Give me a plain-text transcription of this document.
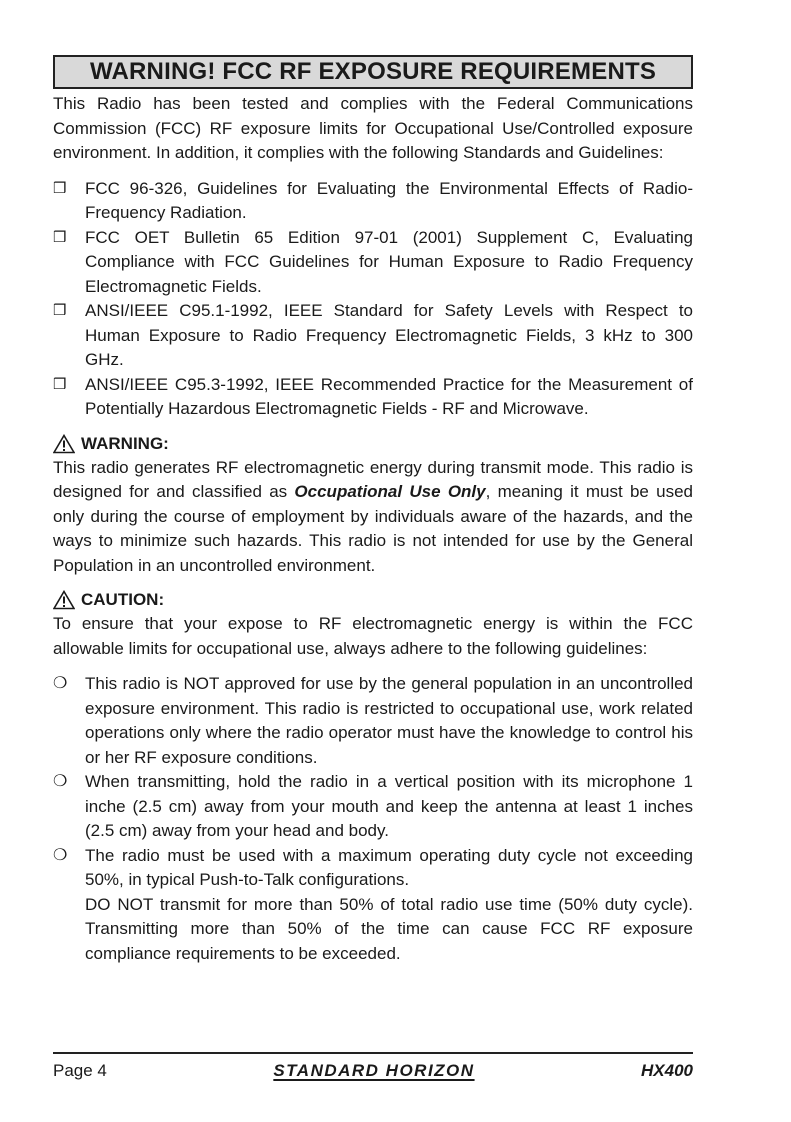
WARNING! FCC RF EXPOSURE REQUIREMENTS

This Radio has been tested and complies with the Federal Communications Commission (FCC) RF exposure limits for Occupational Use/Controlled exposure environment. In addition, it complies with the following Standards and Guidelines:

❒	FCC 96-326, Guidelines for Evaluating the Environmental Effects of Radio-Frequency Radiation.
❒	FCC OET Bulletin 65 Edition 97-01 (2001) Supplement C, Evaluating Compliance with FCC Guidelines for Human Exposure to Radio Frequency Electromagnetic Fields.
❒	ANSI/IEEE C95.1-1992, IEEE Standard for Safety Levels with Respect to Human Exposure to Radio Frequency Electromagnetic Fields, 3 kHz to 300 GHz.
❒	ANSI/IEEE C95.3-1992, IEEE Recommended Practice for the Measurement of Potentially Hazardous Electromagnetic Fields - RF and Microwave.
WARNING:

This radio generates RF electromagnetic energy during transmit mode. This radio is designed for and classified as Occupational Use Only, meaning it must be used only during the course of employment by individuals aware of the hazards, and the ways to minimize such hazards. This radio is not intended for use by the General Population in an uncontrolled environment.

CAUTION:

To ensure that your expose to RF electromagnetic energy is within the FCC allowable limits for occupational use, always adhere to the following guidelines:

❍	This radio is NOT approved for use by the general population in an uncontrolled exposure environment. This radio is restricted to occupational use, work related operations only where the radio operator must have the knowledge to control his or her RF exposure conditions.
❍	When transmitting, hold the radio in a vertical position with its microphone 1 inche (2.5 cm) away from your mouth and keep the antenna at least 1 inches (2.5 cm) away from your head and body.
❍	The radio must be used with a maximum operating duty cycle not exceeding 50%, in typical Push-to-Talk configurations.
DO NOT transmit for more than 50% of total radio use time (50% duty cycle). Transmitting more than 50% of the time can cause FCC RF exposure compliance requirements to be exceeded.
Page 4	STANDARD HORIZON	HX400
